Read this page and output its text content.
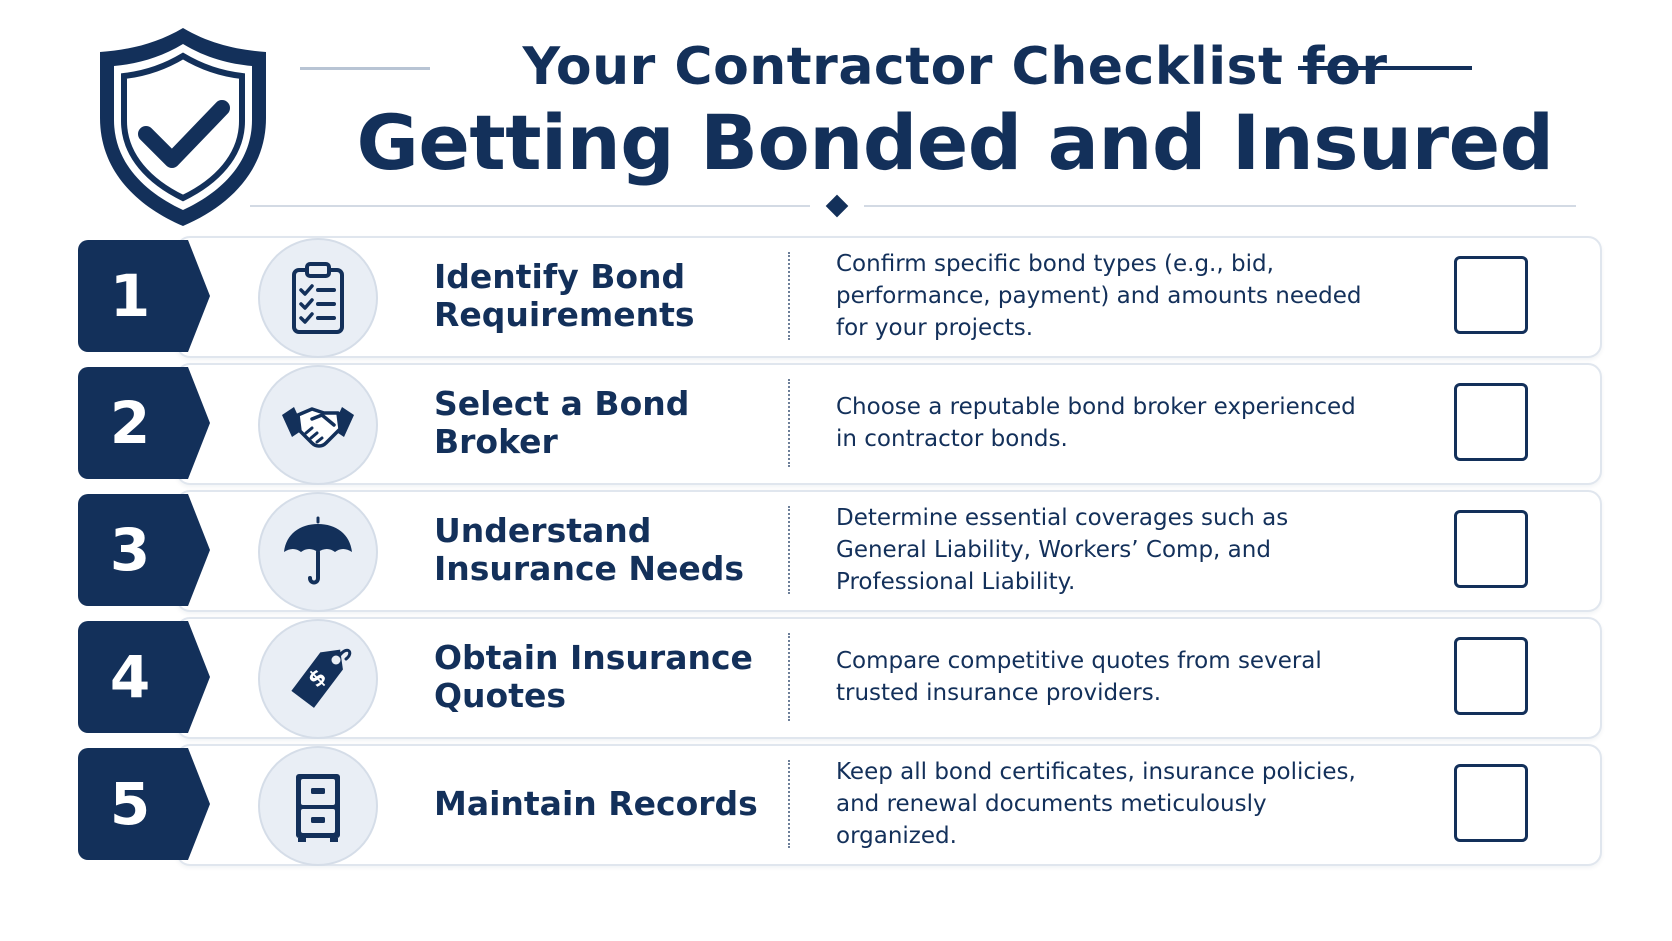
Your Contractor Checklist for
Getting Bonded and Insured
1	Identify Bond Requirements
Confirm specific bond types (e.g., bid, performance, payment) and amounts needed for your projects.
2	Select a Bond Broker
Choose a reputable bond broker experienced in contractor bonds.
3	Understand Insurance Needs
Determine essential coverages such as General Liability, Workers’ Comp, and Professional Liability.
4	$
Obtain Insurance Quotes
Compare competitive quotes from several trusted insurance providers.
5	Maintain Records
Keep all bond certificates, insurance policies, and renewal documents meticulously organized.
